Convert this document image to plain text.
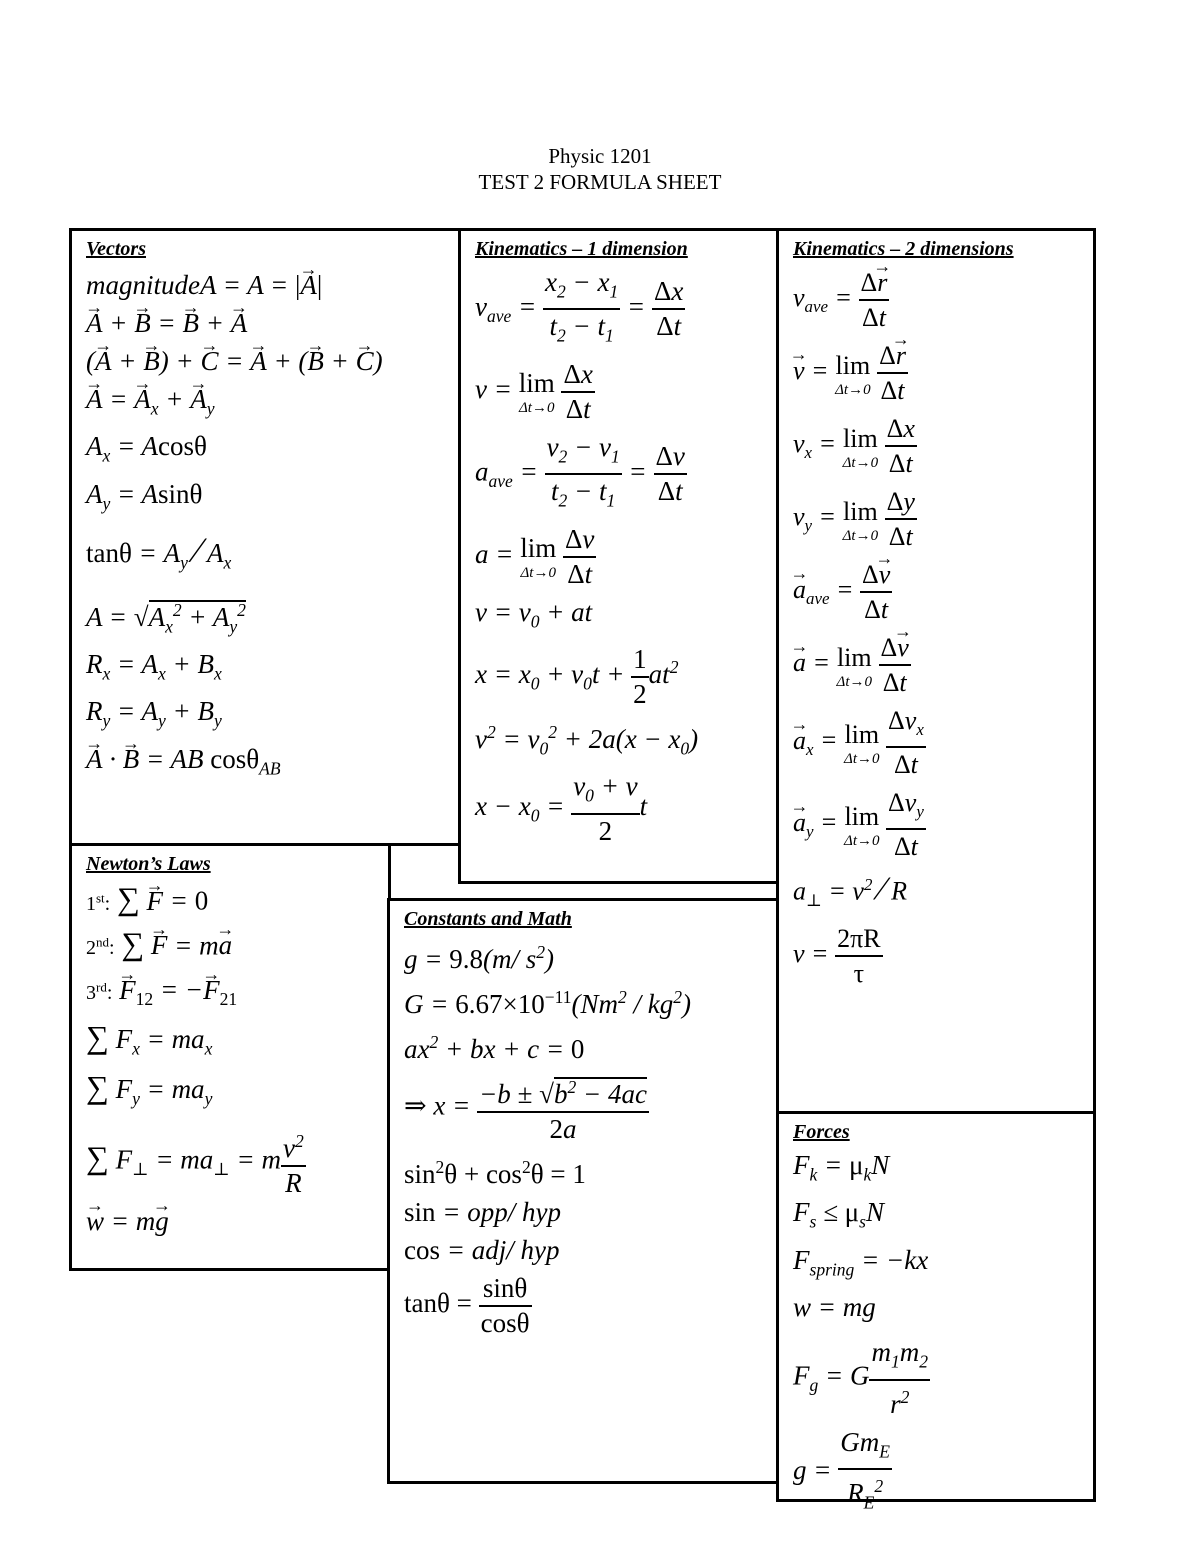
Physic 1201
TEST 2 FORMULA SHEET
Vectors
magnitudeA = A = |→ A|
→ A + → B = → B + → A
(→ A + → B) + → C = → A + (→ B + → C)
→ A = → $A_x$ + → $A_y$
$A_x = Acos\theta$
$A_y = Asin\theta$
$\tan\theta = A_y$ ⁄ $A_x$
$A = √A_x^2 + A_y^2$
$R_x = A_x + B_x$
$R_y = A_y + B_y$
→ A · → B = AB cosθ$_{AB}$
Kinematics – 1 dimension
$v_{ave} = \frac{x_2 - x_1}{t_2 - t_1} = \frac{\Delta x}{\Delta t}$
v = lim
Δt→0
$\frac{\Delta x}{\Delta t}$
$a_{ave} = \frac{v_2 - v_1}{t_2 - t_1} = \frac{\Delta v}{\Delta t}$
a = lim
Δt→0
$\frac{\Delta v}{\Delta t}$
$v = v_0$ + at
$x = x_0 + v_0t + \frac{1}{2} at^2$
$v^2 = v_0^2 + 2a(x - x_0)$
$x - x_0 = \frac{v_0 + v}{2}$ t
Kinematics – 2 dimensions
$v_{ave} = \frac{\Delta\to r}{\Delta t}$
→ v = lim
Δt→0
$\frac{\Delta\to r}{\Delta t}$
$v_x = \lim$
Δt→0
$\frac{\Delta x}{\Delta t}$
$v_y = \lim$
Δt→0
$\frac{\Delta y}{\Delta t}$
→ $a_{ave} = \frac{\Delta\to v}{\Delta t}$
→ a = lim
Δt→0
$\frac{\Delta\to v}{\Delta t}$
→ $a_x = \lim$
Δt→0
$\frac{\Delta v_x}{\Delta t}$
→ $a_y = \lim$
Δt→0
$\frac{\Delta v_y}{\Delta t}$
$a_\perp = v^2$ ⁄ R
$v = \frac{2\pi R}{\tau}$
Newton’s Laws
1st: ∑ → F = 0
2nd: ∑ → F = m→ a
3rd: → $F_{12}$ = −→ $F_{21}$
∑ $F_x = ma_x$
∑ $F_y = ma_y$
∑ $F_\perp = ma_\perp = m \frac{v^2}{R}$
→ w = m→ g
Constants and Math
g = 9.8(m/ $s^2$)
$G = 6.67\times 10^{-11}(Nm^2 / kg^2)$
$ax^2$ + bx + c = 0
⇒ $x = \frac{-b \pm √b^2 - 4ac}{2a}$
$\sin^2\theta + \cos^2\theta = 1$
sin = opp/ hyp
cos = adj/ hyp
$\tan\theta = \frac{\sin\theta}{\cos\theta}$
Forces
$F_k = \mu_kN$
$F_s \le \mu_sN$
$F_{spring} = -kx$
w = mg
$F_g = G \frac{m_1m_2}{r^2}$
$g = \frac{Gm_E}{R_E^2}$
